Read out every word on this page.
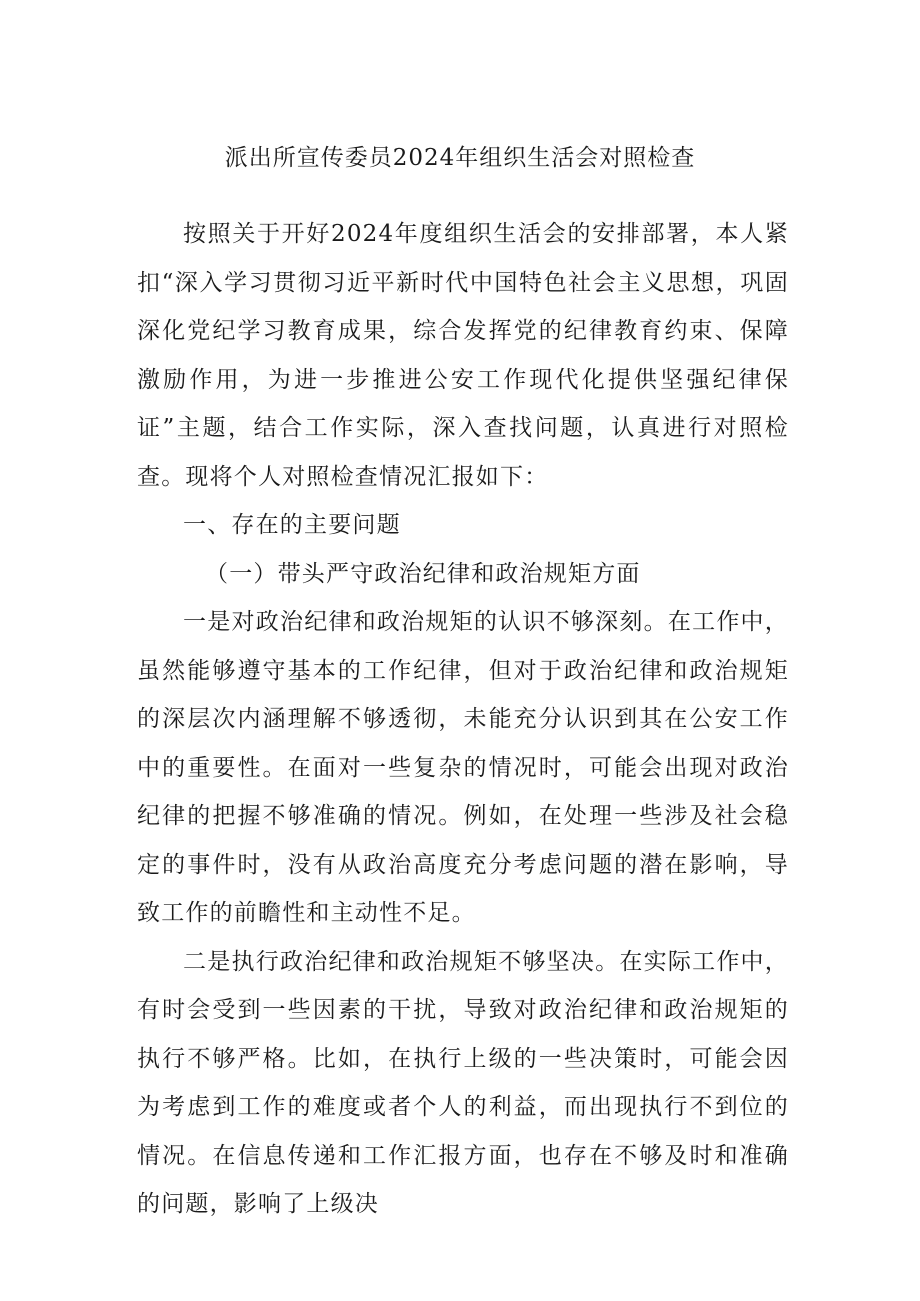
派出所宣传委员2024年组织生活会对照检查

按照关于开好2024年度组织生活会的安排部署，本人紧扣“深入学习贯彻习近平新时代中国特色社会主义思想，巩固深化党纪学习教育成果，综合发挥党的纪律教育约束、保障激励作用，为进一步推进公安工作现代化提供坚强纪律保证”主题，结合工作实际，深入查找问题，认真进行对照检查。现将个人对照检查情况汇报如下：

一、存在的主要问题

（一）带头严守政治纪律和政治规矩方面

一是对政治纪律和政治规矩的认识不够深刻。在工作中，虽然能够遵守基本的工作纪律，但对于政治纪律和政治规矩的深层次内涵理解不够透彻，未能充分认识到其在公安工作中的重要性。在面对一些复杂的情况时，可能会出现对政治纪律的把握不够准确的情况。例如，在处理一些涉及社会稳定的事件时，没有从政治高度充分考虑问题的潜在影响，导致工作的前瞻性和主动性不足。

二是执行政治纪律和政治规矩不够坚决。在实际工作中，有时会受到一些因素的干扰，导致对政治纪律和政治规矩的执行不够严格。比如，在执行上级的一些决策时，可能会因为考虑到工作的难度或者个人的利益，而出现执行不到位的情况。在信息传递和工作汇报方面，也存在不够及时和准确的问题，影响了上级决
